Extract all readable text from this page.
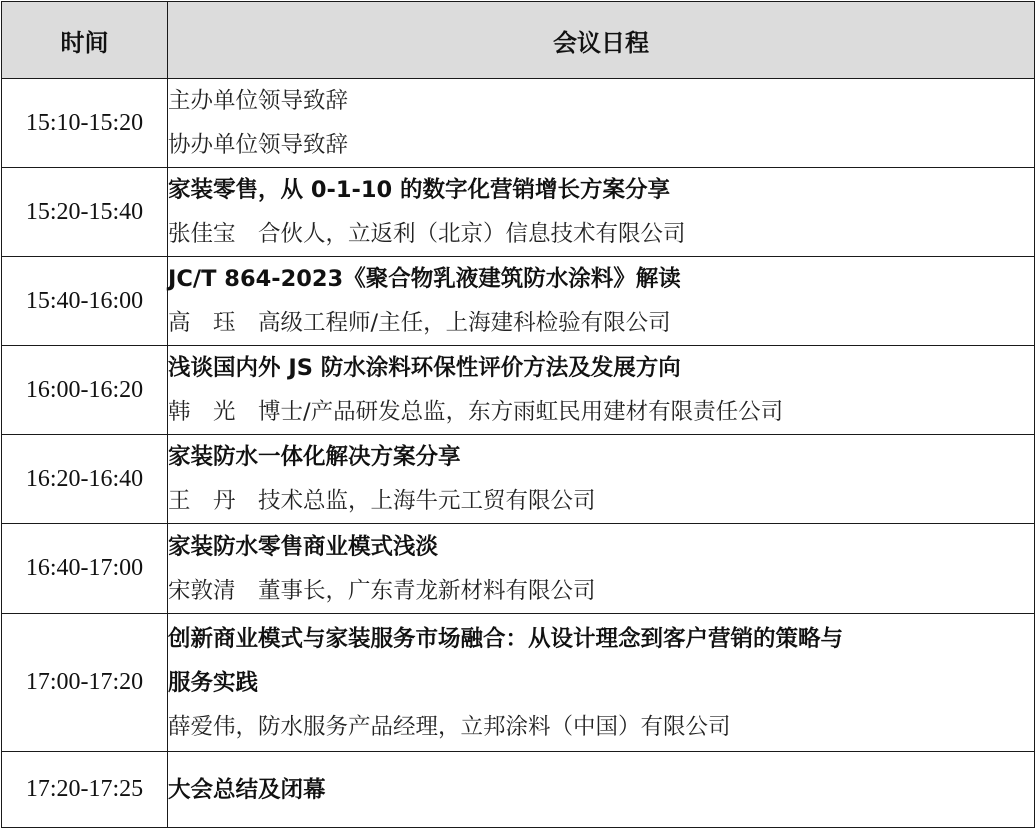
时间	会议日程
15:10-15:20	主办单位领导致辞
协办单位领导致辞

15:20-15:40	家装零售，从 0-1-10 的数字化营销增长方案分享
张佳宝　合伙人，立返利（北京）信息技术有限公司

15:40-16:00	JC/T 864-2023《聚合物乳液建筑防水涂料》解读
高　珏　高级工程师/主任，上海建科检验有限公司

16:00-16:20	浅谈国内外 JS 防水涂料环保性评价方法及发展方向
韩　光　博士/产品研发总监，东方雨虹民用建材有限责任公司

16:20-16:40	家装防水一体化解决方案分享
王　丹　技术总监，上海牛元工贸有限公司

16:40-17:00	家装防水零售商业模式浅淡
宋敦清　董事长，广东青龙新材料有限公司

17:00-17:20	创新商业模式与家装服务市场融合：从设计理念到客户营销的策略与
服务实践
薛爱伟，防水服务产品经理，立邦涂料（中国）有限公司

17:20-17:25	大会总结及闭幕
